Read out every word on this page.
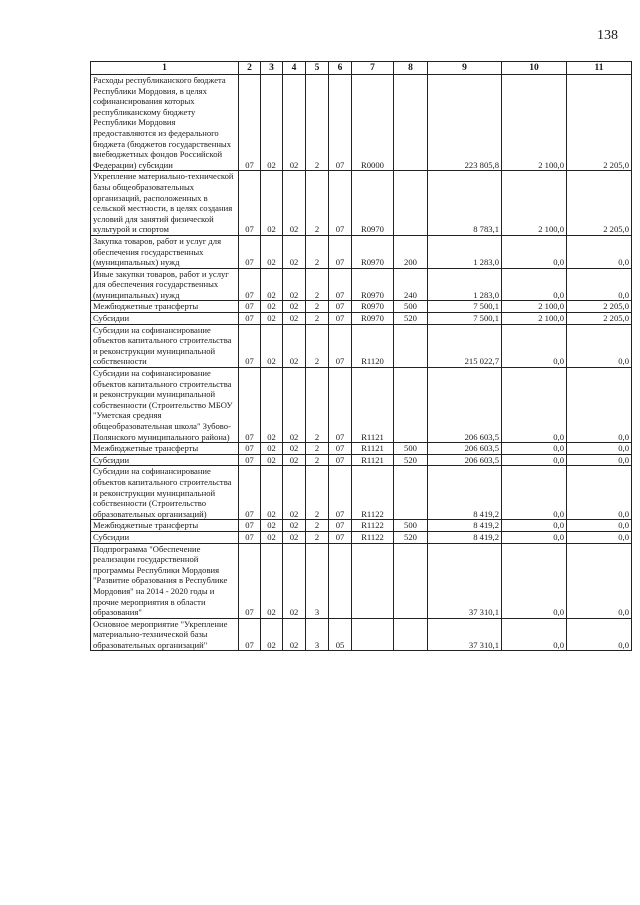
138
1	2	3	4	5	6	7	8	9	10	11
Расходы республиканского бюджета Республики Мордовия, в целях софинансирования которых республиканскому бюджету Республики Мордовия предоставляются из федерального бюджета (бюджетов государственных внебюджетных фондов Российской Федерации) субсидии	07	02	02	2	07	R0000		223 805,8	2 100,0	2 205,0
Укрепление материально-технической базы общеобразовательных организаций, расположенных в сельской местности, в целях создания условий для занятий физической культурой и спортом	07	02	02	2	07	R0970		8 783,1	2 100,0	2 205,0
Закупка товаров, работ и услуг для обеспечения государственных (муниципальных) нужд	07	02	02	2	07	R0970	200	1 283,0	0,0	0,0
Иные закупки товаров, работ и услуг для обеспечения государственных (муниципальных) нужд	07	02	02	2	07	R0970	240	1 283,0	0,0	0,0
Межбюджетные трансферты	07	02	02	2	07	R0970	500	7 500,1	2 100,0	2 205,0
Субсидии	07	02	02	2	07	R0970	520	7 500,1	2 100,0	2 205,0
Субсидии на софинансирование объектов капитального строительства и реконструкции муниципальной собственности	07	02	02	2	07	R1120		215 022,7	0,0	0,0
Субсидии на софинансирование объектов капитального строительства и реконструкции муниципальной собственности (Строительство МБОУ "Уметская средняя общеобразовательная школа" Зубово-Полянского муниципального района)	07	02	02	2	07	R1121		206 603,5	0,0	0,0
Межбюджетные трансферты	07	02	02	2	07	R1121	500	206 603,5	0,0	0,0
Субсидии	07	02	02	2	07	R1121	520	206 603,5	0,0	0,0
Субсидии на софинансирование объектов капитального строительства и реконструкции муниципальной собственности (Строительство образовательных организаций)	07	02	02	2	07	R1122		8 419,2	0,0	0,0
Межбюджетные трансферты	07	02	02	2	07	R1122	500	8 419,2	0,0	0,0
Субсидии	07	02	02	2	07	R1122	520	8 419,2	0,0	0,0
Подпрограмма "Обеспечение реализации государственной программы Республики Мордовия "Развитие образования в Республике Мордовия" на 2014 - 2020 годы и прочие мероприятия в области образования"	07	02	02	3				37 310,1	0,0	0,0
Основное мероприятие "Укрепление материально-технической базы образовательных организаций"	07	02	02	3	05			37 310,1	0,0	0,0
